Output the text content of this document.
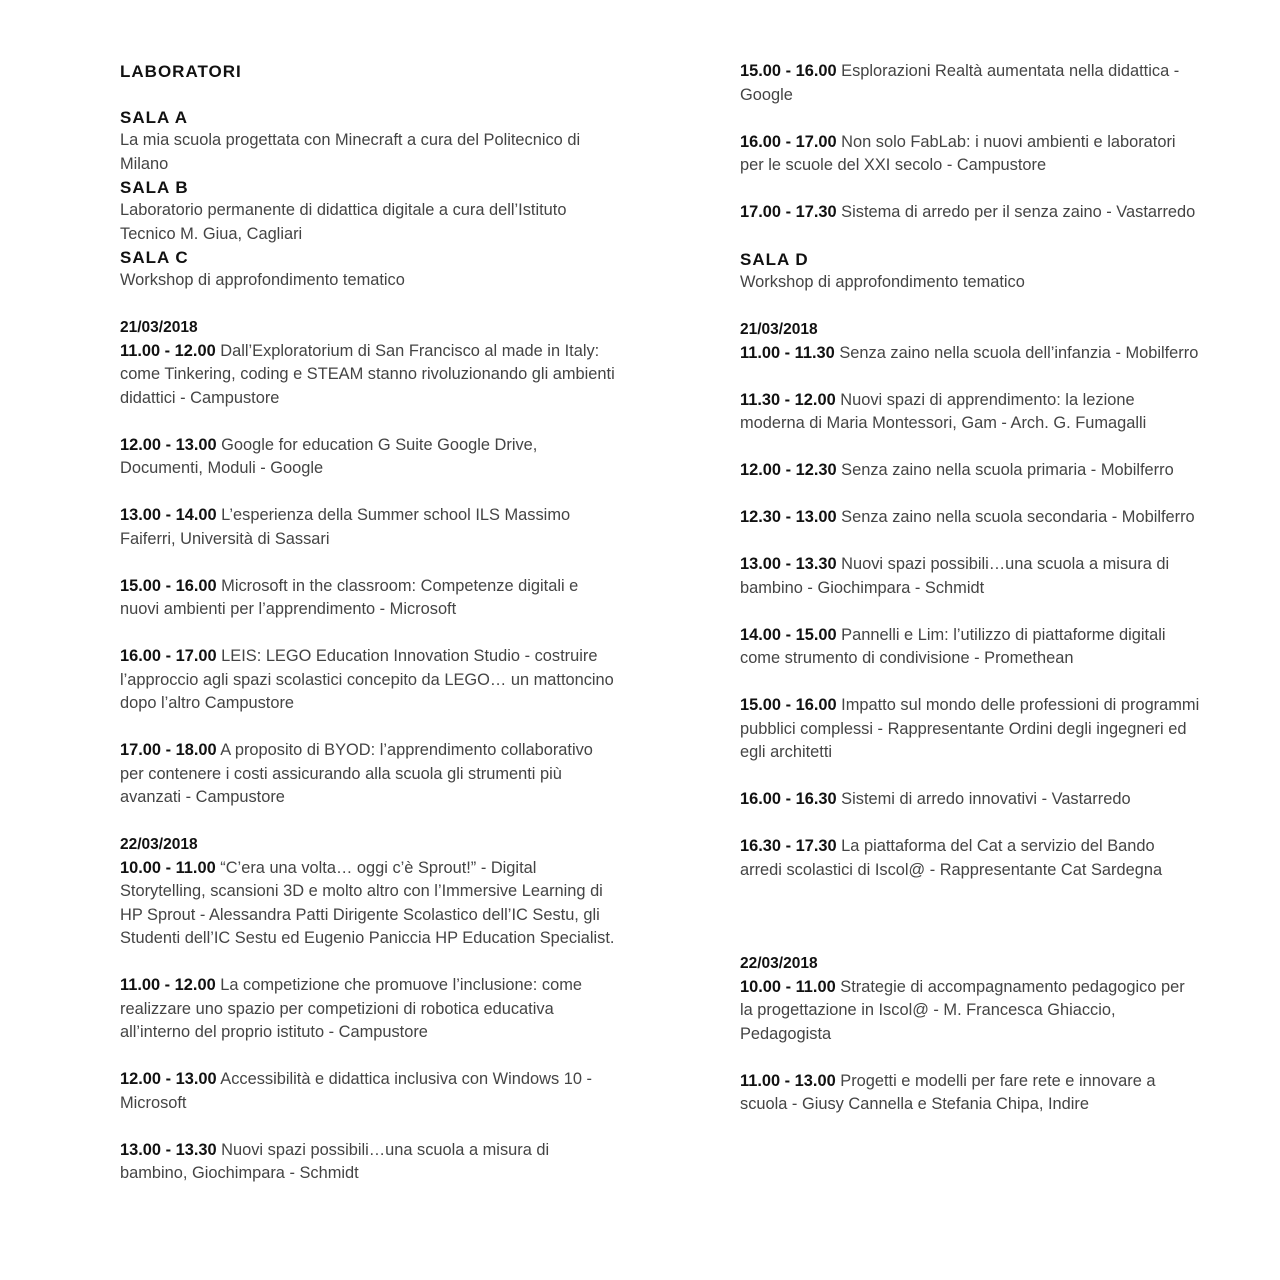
LABORATORI

SALA A

La mia scuola progettata con Minecraft a cura del Politecnico di Milano

SALA B

Laboratorio permanente di didattica digitale a cura dell’Istituto Tecnico M. Giua, Cagliari

SALA C

Workshop di approfondimento tematico

21/03/2018

11.00 - 12.00 Dall’Exploratorium di San Francisco al made in Italy: come Tinkering, coding e STEAM stanno rivoluzionando gli ambienti didattici - Campustore

12.00 - 13.00 Google for education G Suite Google Drive, Documenti, Moduli - Google

13.00 - 14.00 L’esperienza della Summer school ILS Massimo Faiferri, Università di Sassari

15.00 - 16.00 Microsoft in the classroom: Competenze digitali e nuovi ambienti per l’apprendimento - Microsoft

16.00 - 17.00 LEIS: LEGO Education Innovation Studio - costruire l’approccio agli spazi scolastici concepito da LEGO… un mattoncino dopo l’altro Campustore

17.00 - 18.00 A proposito di BYOD: l’apprendimento collaborativo per contenere i costi assicurando alla scuola gli strumenti più avanzati - Campustore

22/03/2018

10.00 - 11.00 “C’era una volta… oggi c’è Sprout!” - Digital Storytelling, scansioni 3D e molto altro con l’Immersive Learning di HP Sprout - Alessandra Patti Dirigente Scolastico dell’IC Sestu, gli Studenti dell’IC Sestu ed Eugenio Paniccia HP Education Specialist.

11.00 - 12.00 La competizione che promuove l’inclusione: come realizzare uno spazio per competizioni di robotica educativa all’interno del proprio istituto - Campustore

12.00 - 13.00 Accessibilità e didattica inclusiva con Windows 10 - Microsoft

13.00 - 13.30 Nuovi spazi possibili…una scuola a misura di bambino, Giochimpara - Schmidt

15.00 - 16.00 Esplorazioni Realtà aumentata nella didattica - Google

16.00 - 17.00 Non solo FabLab: i nuovi ambienti e laboratori per le scuole del XXI secolo - Campustore

17.00 - 17.30 Sistema di arredo per il senza zaino - Vastarredo

SALA D

Workshop di approfondimento tematico

21/03/2018

11.00 - 11.30 Senza zaino nella scuola dell’infanzia - Mobilferro

11.30 - 12.00 Nuovi spazi di apprendimento: la lezione moderna di Maria Montessori, Gam - Arch. G. Fumagalli

12.00 - 12.30 Senza zaino nella scuola primaria - Mobilferro

12.30 - 13.00 Senza zaino nella scuola secondaria - Mobilferro

13.00 - 13.30 Nuovi spazi possibili…una scuola a misura di bambino - Giochimpara - Schmidt

14.00 - 15.00 Pannelli e Lim: l’utilizzo di piattaforme digitali come strumento di condivisione - Promethean

15.00 - 16.00 Impatto sul mondo delle professioni di programmi pubblici complessi - Rappresentante Ordini degli ingegneri ed egli architetti

16.00 - 16.30 Sistemi di arredo innovativi - Vastarredo

16.30 - 17.30 La piattaforma del Cat a servizio del Bando arredi scolastici di Iscol@ - Rappresentante Cat Sardegna

22/03/2018

10.00 - 11.00 Strategie di accompagnamento pedagogico per la progettazione in Iscol@ - M. Francesca Ghiaccio, Pedagogista

11.00 - 13.00 Progetti e modelli per fare rete e innovare a scuola - Giusy Cannella e Stefania Chipa, Indire
